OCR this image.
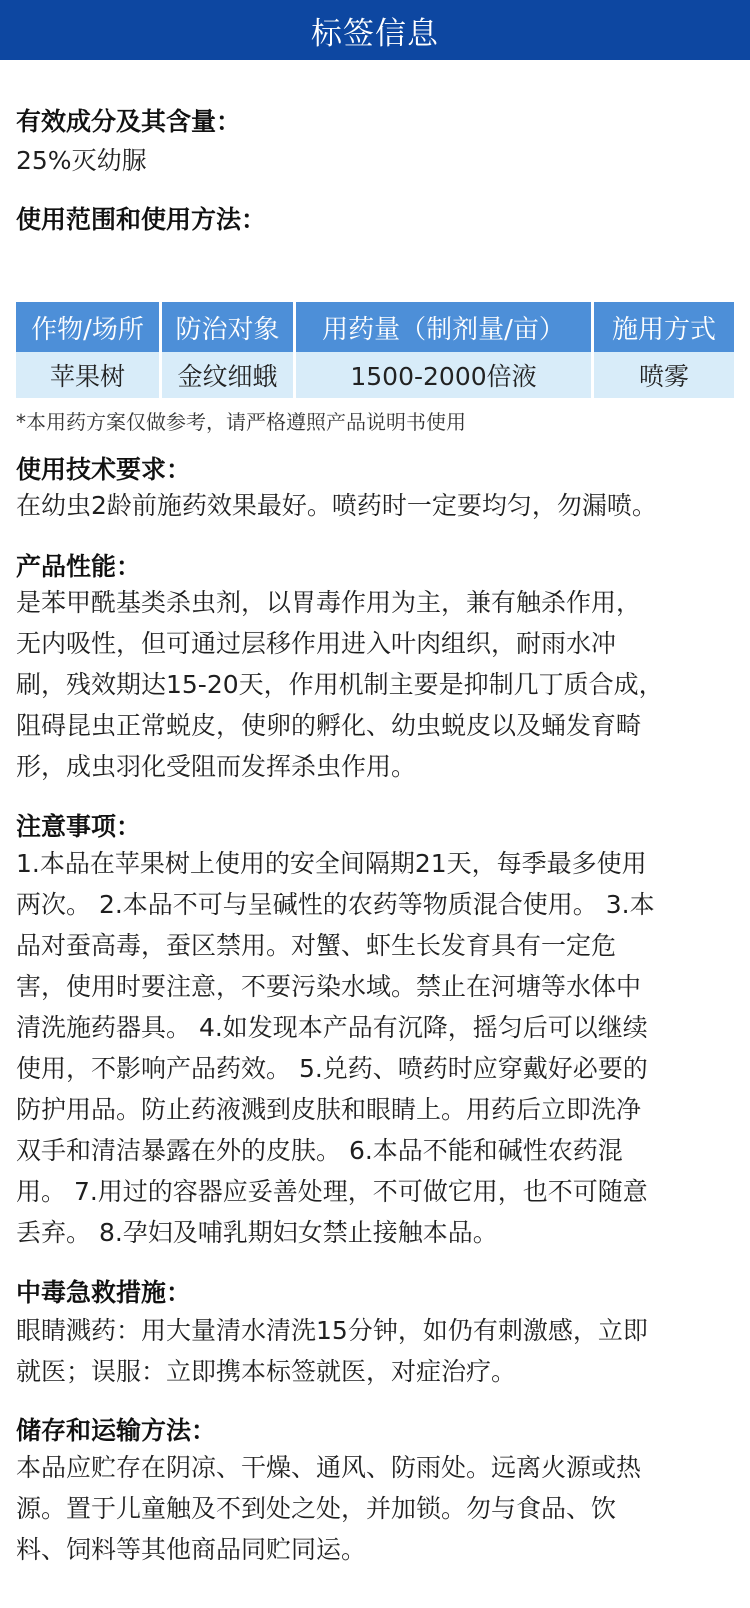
标签信息
有效成分及其含量：
25%灭幼脲
使用范围和使用方法：
作物/场所	防治对象	用药量（制剂量/亩）	施用方式
苹果树	金纹细蛾	1500-2000倍液	喷雾
*本用药方案仅做参考，请严格遵照产品说明书使用
使用技术要求：
在幼虫2龄前施药效果最好。喷药时一定要均匀，勿漏喷。
产品性能：
是苯甲酰基类杀虫剂，以胃毒作用为主，兼有触杀作用，
无内吸性，但可通过层移作用进入叶肉组织，耐雨水冲
刷，残效期达15-20天，作用机制主要是抑制几丁质合成，
阻碍昆虫正常蜕皮，使卵的孵化、幼虫蜕皮以及蛹发育畸
形，成虫羽化受阻而发挥杀虫作用。
注意事项：
1.本品在苹果树上使用的安全间隔期21天，每季最多使用
两次。 2.本品不可与呈碱性的农药等物质混合使用。 3.本
品对蚕高毒，蚕区禁用。对蟹、虾生长发育具有一定危
害，使用时要注意，不要污染水域。禁止在河塘等水体中
清洗施药器具。 4.如发现本产品有沉降，摇匀后可以继续
使用，不影响产品药效。 5.兑药、喷药时应穿戴好必要的
防护用品。防止药液溅到皮肤和眼睛上。用药后立即洗净
双手和清洁暴露在外的皮肤。 6.本品不能和碱性农药混
用。 7.用过的容器应妥善处理，不可做它用，也不可随意
丢弃。 8.孕妇及哺乳期妇女禁止接触本品。
中毒急救措施：
眼睛溅药：用大量清水清洗15分钟，如仍有刺激感，立即
就医；误服：立即携本标签就医，对症治疗。
储存和运输方法：
本品应贮存在阴凉、干燥、通风、防雨处。远离火源或热
源。置于儿童触及不到处之处，并加锁。勿与食品、饮
料、饲料等其他商品同贮同运。
